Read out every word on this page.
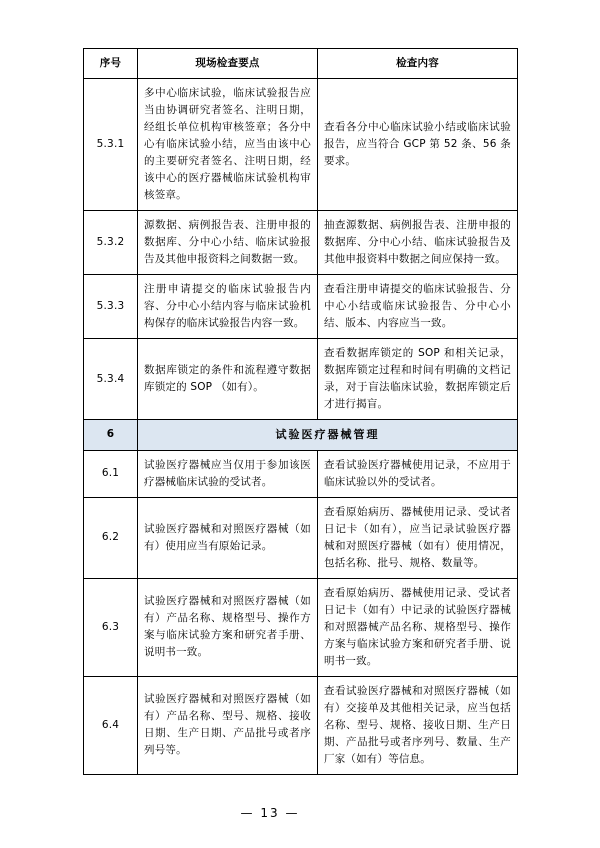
序号	现场检查要点	检查内容
5.3.1	多中心临床试验，临床试验报告应当由协调研究者签名、注明日期，经组长单位机构审核签章；各分中心有临床试验小结，应当由该中心的主要研究者签名、注明日期，经该中心的医疗器械临床试验机构审核签章。	查看各分中心临床试验小结或临床试验报告，应当符合 GCP 第 52 条、56 条要求。
5.3.2	源数据、病例报告表、注册申报的数据库、分中心小结、临床试验报告及其他申报资料之间数据一致。	抽查源数据、病例报告表、注册申报的数据库、分中心小结、临床试验报告及其他申报资料中数据之间应保持一致。
5.3.3	注册申请提交的临床试验报告内容、分中心小结内容与临床试验机构保存的临床试验报告内容一致。	查看注册申请提交的临床试验报告、分中心小结或临床试验报告、分中心小结、版本、内容应当一致。
5.3.4	数据库锁定的条件和流程遵守数据库锁定的 SOP （如有）。	查看数据库锁定的 SOP 和相关记录，数据库锁定过程和时间有明确的文档记录，对于盲法临床试验，数据库锁定后才进行揭盲。
6	试验医疗器械管理	
6.1	试验医疗器械应当仅用于参加该医疗器械临床试验的受试者。	查看试验医疗器械使用记录，不应用于临床试验以外的受试者。
6.2	试验医疗器械和对照医疗器械（如有）使用应当有原始记录。	查看原始病历、器械使用记录、受试者日记卡（如有），应当记录试验医疗器械和对照医疗器械（如有）使用情况，包括名称、批号、规格、数量等。
6.3	试验医疗器械和对照医疗器械（如有）产品名称、规格型号、操作方案与临床试验方案和研究者手册、说明书一致。	查看原始病历、器械使用记录、受试者日记卡（如有）中记录的试验医疗器械和对照器械产品名称、规格型号、操作方案与临床试验方案和研究者手册、说明书一致。
6.4	试验医疗器械和对照医疗器械（如有）产品名称、型号、规格、接收日期、生产日期、产品批号或者序列号等。	查看试验医疗器械和对照医疗器械（如有）交接单及其他相关记录，应当包括名称、型号、规格、接收日期、生产日期、产品批号或者序列号、数量、生产厂家（如有）等信息。
— 13 —
